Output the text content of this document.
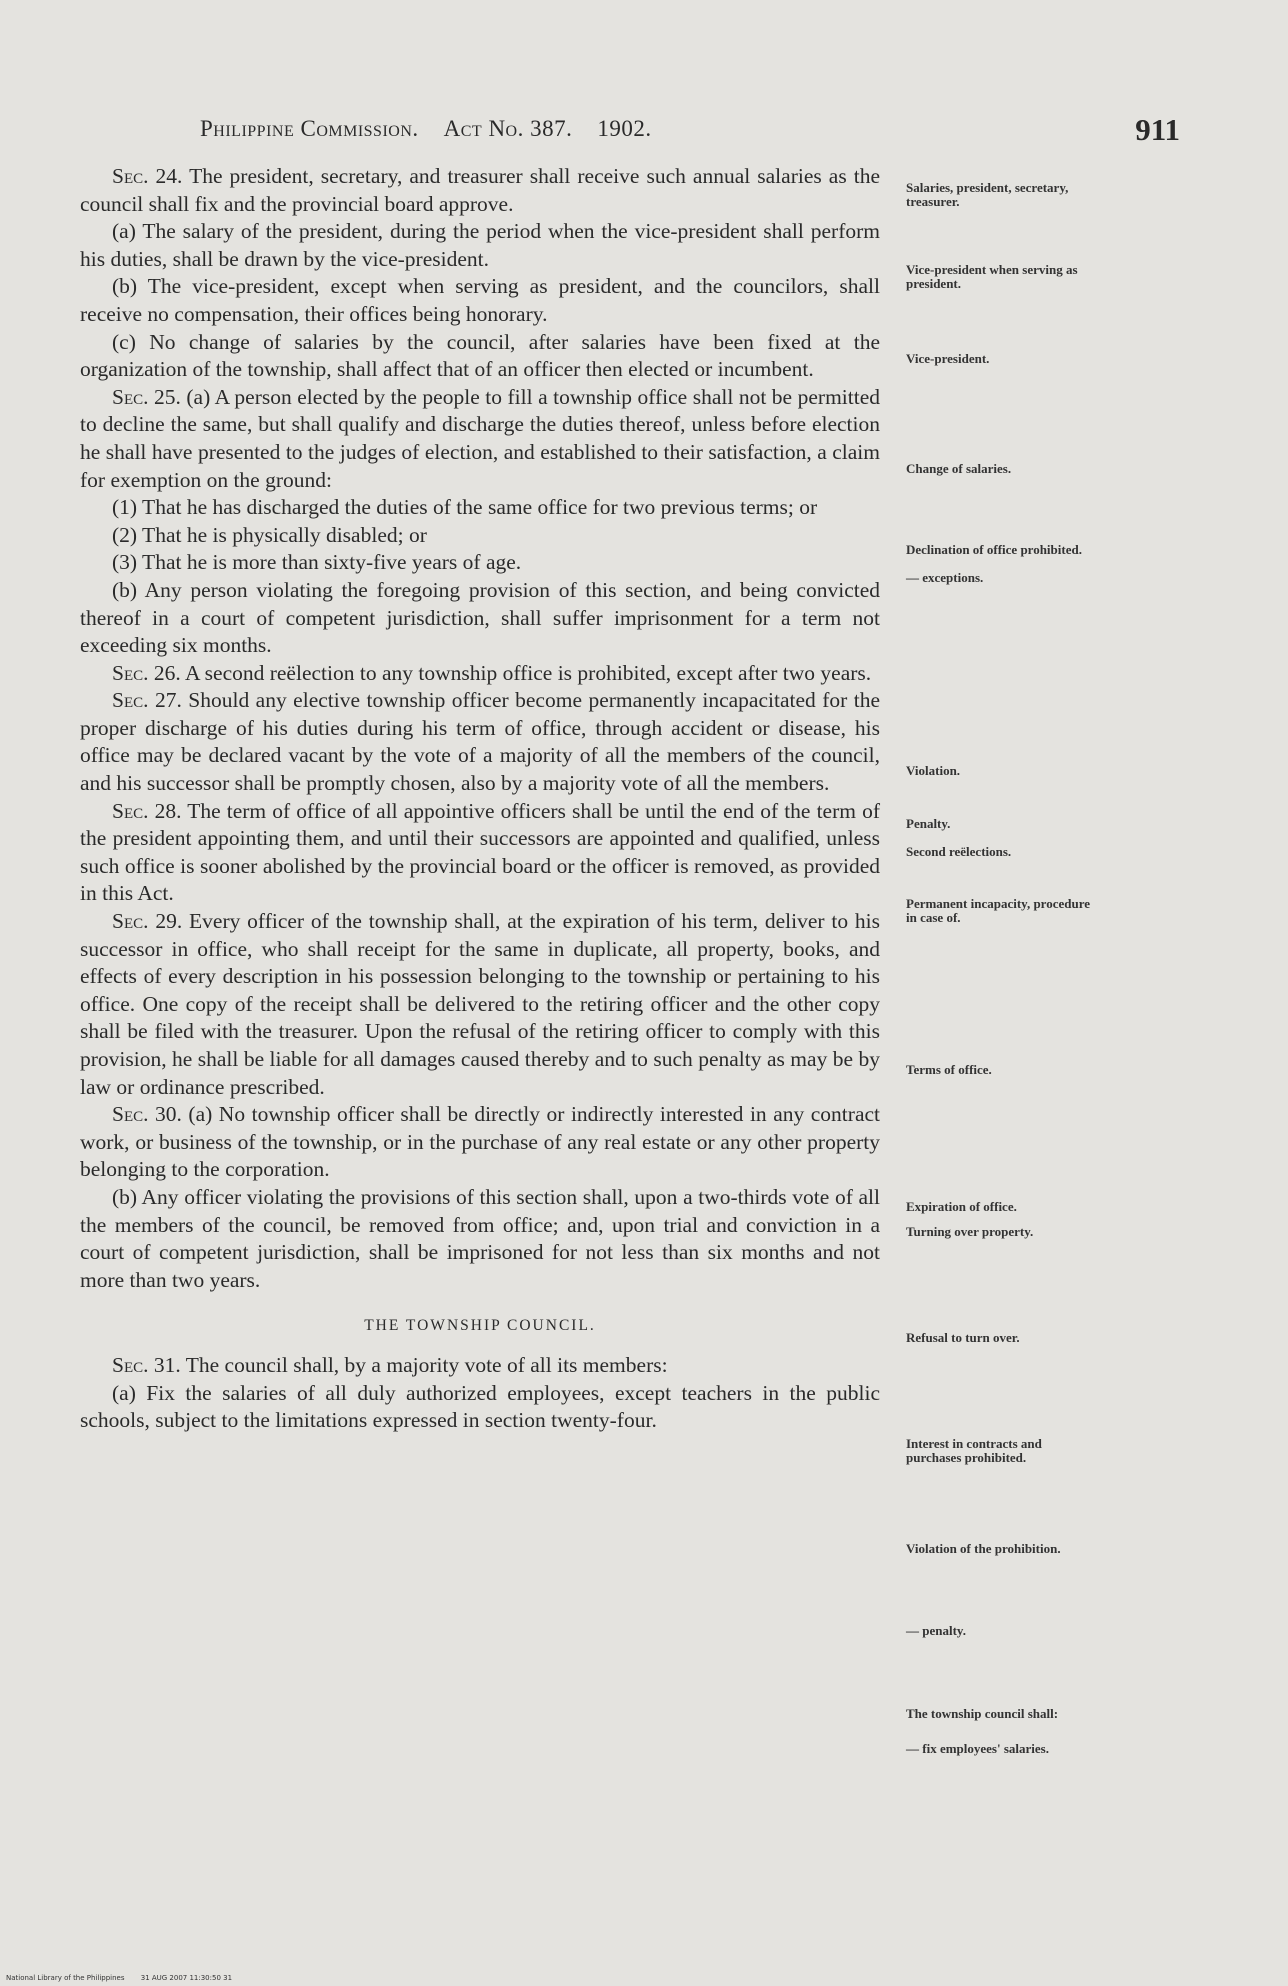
Philippine Commission. Act No. 387. 1902.	911

Sec. 24. The president, secretary, and treasurer shall receive such annual salaries as the council shall fix and the provincial board approve.

(a) The salary of the president, during the period when the vice-president shall perform his duties, shall be drawn by the vice-president.

(b) The vice-president, except when serving as president, and the councilors, shall receive no compensation, their offices being honorary.

(c) No change of salaries by the council, after salaries have been fixed at the organization of the township, shall affect that of an officer then elected or incumbent.

Sec. 25. (a) A person elected by the people to fill a township office shall not be permitted to decline the same, but shall qualify and discharge the duties thereof, unless before election he shall have presented to the judges of election, and established to their satisfaction, a claim for exemption on the ground:

(1) That he has discharged the duties of the same office for two previous terms; or

(2) That he is physically disabled; or

(3) That he is more than sixty-five years of age.

(b) Any person violating the foregoing provision of this section, and being convicted thereof in a court of competent jurisdiction, shall suffer imprisonment for a term not exceeding six months.

Sec. 26. A second reëlection to any township office is prohibited, except after two years.

Sec. 27. Should any elective township officer become permanently incapacitated for the proper discharge of his duties during his term of office, through accident or disease, his office may be declared vacant by the vote of a majority of all the members of the council, and his successor shall be promptly chosen, also by a majority vote of all the members.

Sec. 28. The term of office of all appointive officers shall be until the end of the term of the president appointing them, and until their successors are appointed and qualified, unless such office is sooner abolished by the provincial board or the officer is removed, as provided in this Act.

Sec. 29. Every officer of the township shall, at the expiration of his term, deliver to his successor in office, who shall receipt for the same in duplicate, all property, books, and effects of every description in his possession belonging to the township or pertaining to his office. One copy of the receipt shall be delivered to the retiring officer and the other copy shall be filed with the treasurer. Upon the refusal of the retiring officer to comply with this provision, he shall be liable for all damages caused thereby and to such penalty as may be by law or ordinance prescribed.

Sec. 30. (a) No township officer shall be directly or indirectly interested in any contract work, or business of the township, or in the purchase of any real estate or any other property belonging to the corporation.

(b) Any officer violating the provisions of this section shall, upon a two-thirds vote of all the members of the council, be removed from office; and, upon trial and conviction in a court of competent jurisdiction, shall be imprisoned for not less than six months and not more than two years.

THE TOWNSHIP COUNCIL.

Sec. 31. The council shall, by a majority vote of all its members:

(a) Fix the salaries of all duly authorized employees, except teachers in the public schools, subject to the limitations expressed in section twenty-four.

Salaries, president, secretary, treasurer.
Vice-president when serving as president.
Vice-president.
Change of salaries.
Declination of office prohibited.
— exceptions.
Violation.
Penalty.
Second reëlections.
Permanent incapacity, procedure in case of.
Terms of office.
Expiration of office.
Turning over property.
Refusal to turn over.
Interest in contracts and purchases prohibited.
Violation of the prohibition.
— penalty.
The township council shall:
— fix employees' salaries.
National Library of the Philippines 31 AUG 2007 11:30:50 31
